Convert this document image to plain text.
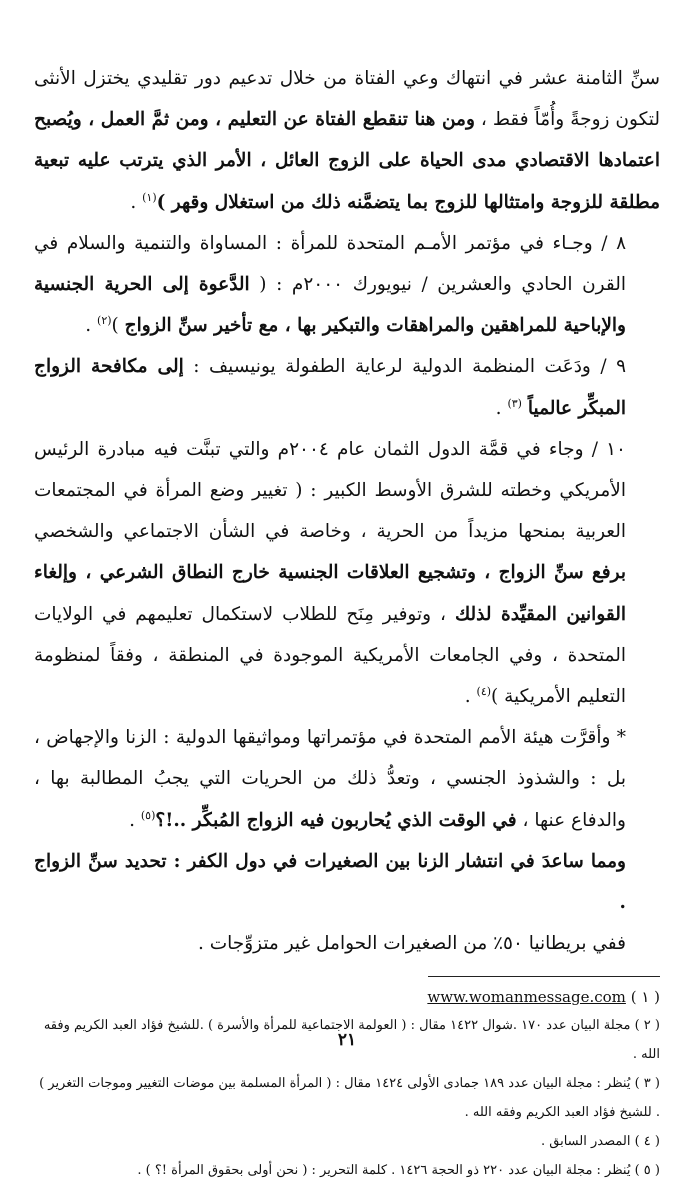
سنِّ الثامنة عشر في انتهاك وعي الفتاة من خلال تدعيم دور تقليدي يختزل الأنثى لتكون زوجةً وأُمّاً فقط ، ومن هنا تنقطع الفتاة عن التعليم ، ومن ثمَّ العمل ، ويُصبح اعتمادها الاقتصادي مدى الحياة على الزوج العائل ، الأمر الذي يترتب عليه تبعية مطلقة للزوجة وامتثالها للزوج بما يتضمَّنه ذلك من استغلال وقهر )$^{(١)}$ .

٨ / وجـاء في مؤتمر الأمـم المتحدة للمرأة : المساواة والتنمية والسلام في القرن الحادي والعشرين / نيويورك ٢٠٠٠م : ( الدَّعوة إلى الحرية الجنسية والإباحية للمراهقين والمراهقات والتبكير بها ، مع تأخير سنِّ الزواج )$^{(٢)}$ .

٩ / ودَعَت المنظمة الدولية لرعاية الطفولة يونيسيف : إلى مكافحة الزواج المبكِّر عالمياً $^{(٣)}$ .

١٠ / وجاء في قمَّة الدول الثمان عام ٢٠٠٤م والتي تبنَّت فيه مبادرة الرئيس الأمريكي وخطته للشرق الأوسط الكبير : ( تغيير وضع المرأة في المجتمعات العربية بمنحها مزيداً من الحرية ، وخاصة في الشأن الاجتماعي والشخصي برفع سنِّ الزواج ، وتشجيع العلاقات الجنسية خارج النطاق الشرعي ، وإلغاء القوانين المقيِّدة لذلك ، وتوفير مِنَح للطلاب لاستكمال تعليمهم في الولايات المتحدة ، وفي الجامعات الأمريكية الموجودة في المنطقة ، وفقاً لمنظومة التعليم الأمريكية )$^{(٤)}$ .

* وأقرَّت هيئة الأمم المتحدة في مؤتمراتها ومواثيقها الدولية : الزنا والإجهاض ، بل : والشذوذ الجنسي ، وتعدُّ ذلك من الحريات التي يجبُ المطالبة بها ، والدفاع عنها ، في الوقت الذي يُحاربون فيه الزواج المُبكِّر ..!؟$^{(٥)}$ .

ومما ساعدَ في انتشار الزنا بين الصغيرات في دول الكفر : تحديد سنِّ الزواج .

ففي بريطانيا ٥٠٪ من الصغيرات الحوامل غير متزوِّجات .

( ١ ) www.womanmessage.com
( ٢ ) مجلة البيان عدد ١٧٠ .شوال ١٤٢٢ مقال : ( العولمة الاجتماعية للمرأة والأسرة ) .للشيخ فؤاد العبد الكريم وفقه الله .
( ٣ ) يُنظر : مجلة البيان عدد ١٨٩ جمادى الأولى ١٤٢٤ مقال : ( المرأة المسلمة بين موضات التغيير وموجات التغرير ) . للشيخ فؤاد العبد الكريم وفقه الله .
( ٤ ) المصدر السابق .
( ٥ ) يُنظر : مجلة البيان عدد ٢٢٠ ذو الحجة ١٤٢٦ . كلمة التحرير : ( نحن أولى بحقوق المرأة !؟ ) .
٢١
